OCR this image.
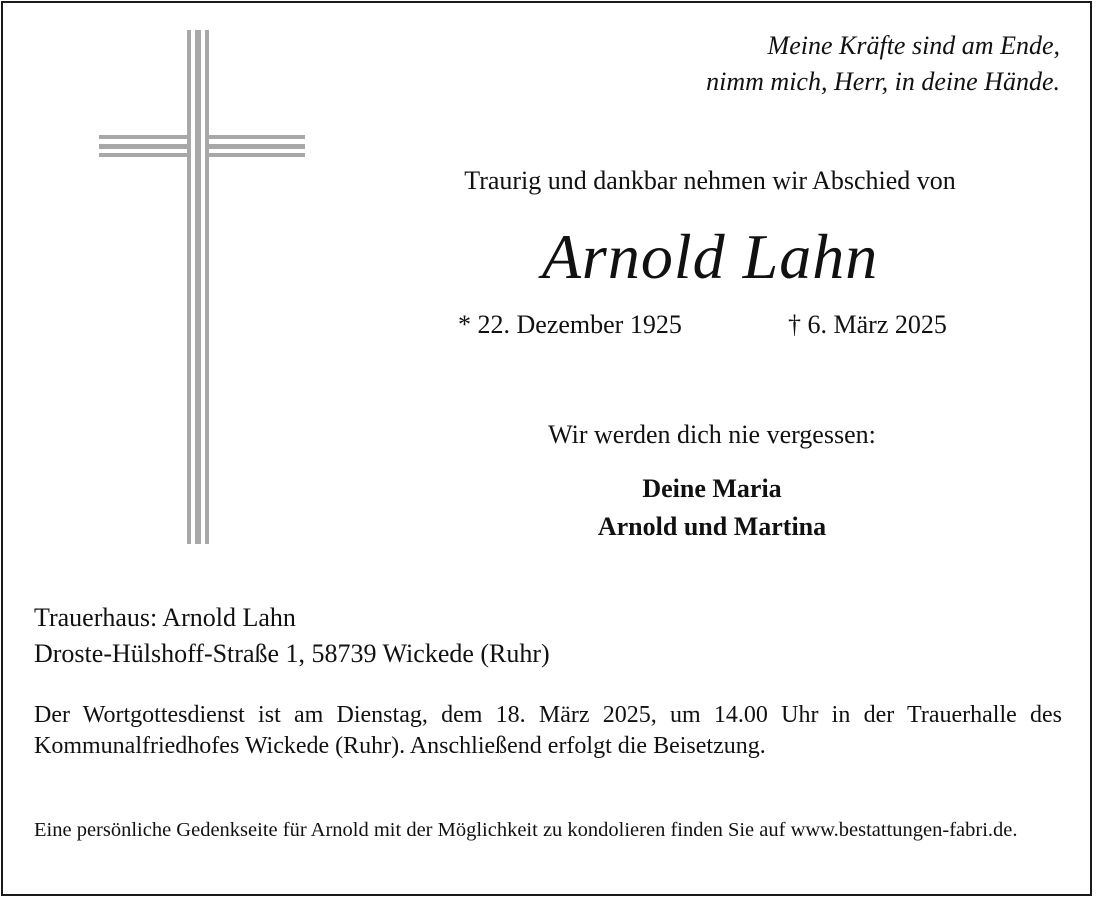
Meine Kräfte sind am Ende,
nimm mich, Herr, in deine Hände.
Traurig und dankbar nehmen wir Abschied von
Arnold Lahn
* 22. Dezember 1925	† 6. März 2025
Wir werden dich nie vergessen:
Deine Maria
Arnold und Martina
Trauerhaus: Arnold Lahn
Droste-Hülshoff-Straße 1, 58739 Wickede (Ruhr)
Der Wortgottesdienst ist am Dienstag, dem 18. März 2025, um 14.00 Uhr in der Trauerhalle des Kommunalfriedhofes Wickede (Ruhr). Anschließend erfolgt die Beisetzung.
Eine persönliche Gedenkseite für Arnold mit der Möglichkeit zu kondolieren finden Sie auf www.bestattungen-fabri.de.
